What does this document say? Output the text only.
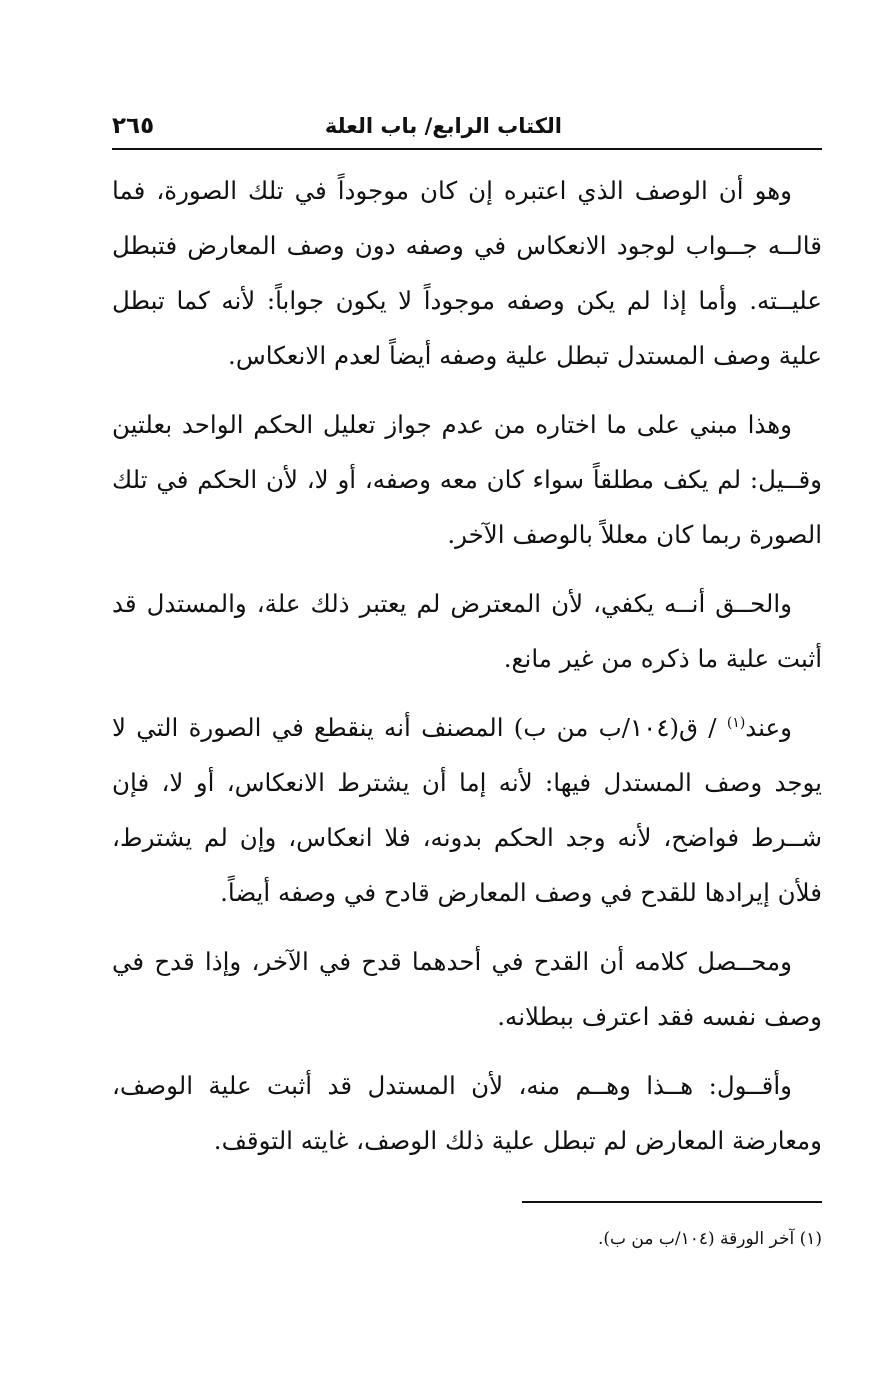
الكتاب الرابع/ باب العلة
٢٦٥

وهو أن الوصف الذي اعتبره إن كان موجوداً في تلك الصورة، فما قالــه جــواب لوجود الانعكاس في وصفه دون وصف المعارض فتبطل عليــته. وأما إذا لم يكن وصفه موجوداً لا يكون جواباً: لأنه كما تبطل علية وصف المستدل تبطل علية وصفه أيضاً لعدم الانعكاس.

وهذا مبني على ما اختاره من عدم جواز تعليل الحكم الواحد بعلتين وقــيل: لم يكف مطلقاً سواء كان معه وصفه، أو لا، لأن الحكم في تلك الصورة ربما كان معللاً بالوصف الآخر.

والحــق أنــه يكفي، لأن المعترض لم يعتبر ذلك علة، والمستدل قد أثبت علية ما ذكره من غير مانع.

وعند$^{(١)}$ / ق(١٠٤/ب من ب) المصنف أنه ينقطع في الصورة التي لا يوجد وصف المستدل فيها: لأنه إما أن يشترط الانعكاس، أو لا، فإن شــرط فواضح، لأنه وجد الحكم بدونه، فلا انعكاس، وإن لم يشترط، فلأن إيرادها للقدح في وصف المعارض قادح في وصفه أيضاً.

ومحــصل كلامه أن القدح في أحدهما قدح في الآخر، وإذا قدح في وصف نفسه فقد اعترف ببطلانه.

وأقــول: هــذا وهــم منه، لأن المستدل قد أثبت علية الوصف، ومعارضة المعارض لم تبطل علية ذلك الوصف، غايته التوقف.

(١) آخر الورقة (١٠٤/ب من ب).
